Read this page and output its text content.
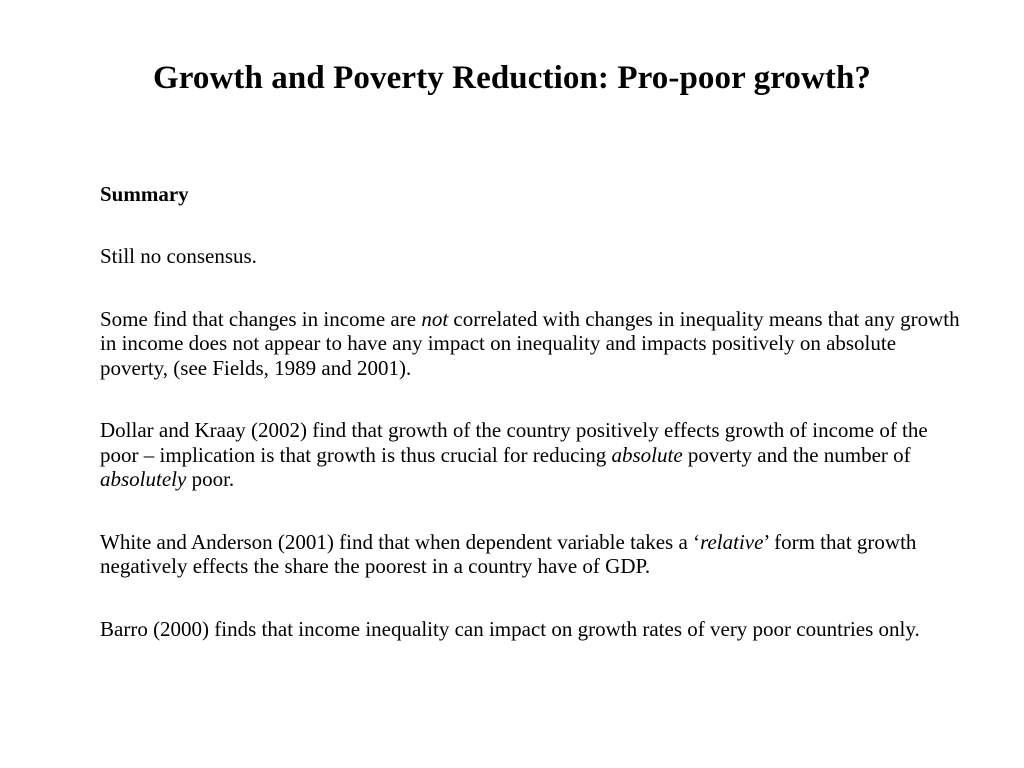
Growth and Poverty Reduction: Pro-poor growth?

Summary

Still no consensus.

Some find that changes in income are not correlated with changes in inequality means that any growth in income does not appear to have any impact on inequality and impacts positively on absolute poverty, (see Fields, 1989 and 2001).

Dollar and Kraay (2002) find that growth of the country positively effects growth of income of the poor – implication is that growth is thus crucial for reducing absolute poverty and the number of absolutely poor.

White and Anderson (2001) find that when dependent variable takes a ‘relative’ form that growth negatively effects the share the poorest in a country have of GDP.

Barro (2000) finds that income inequality can impact on growth rates of very poor countries only.
